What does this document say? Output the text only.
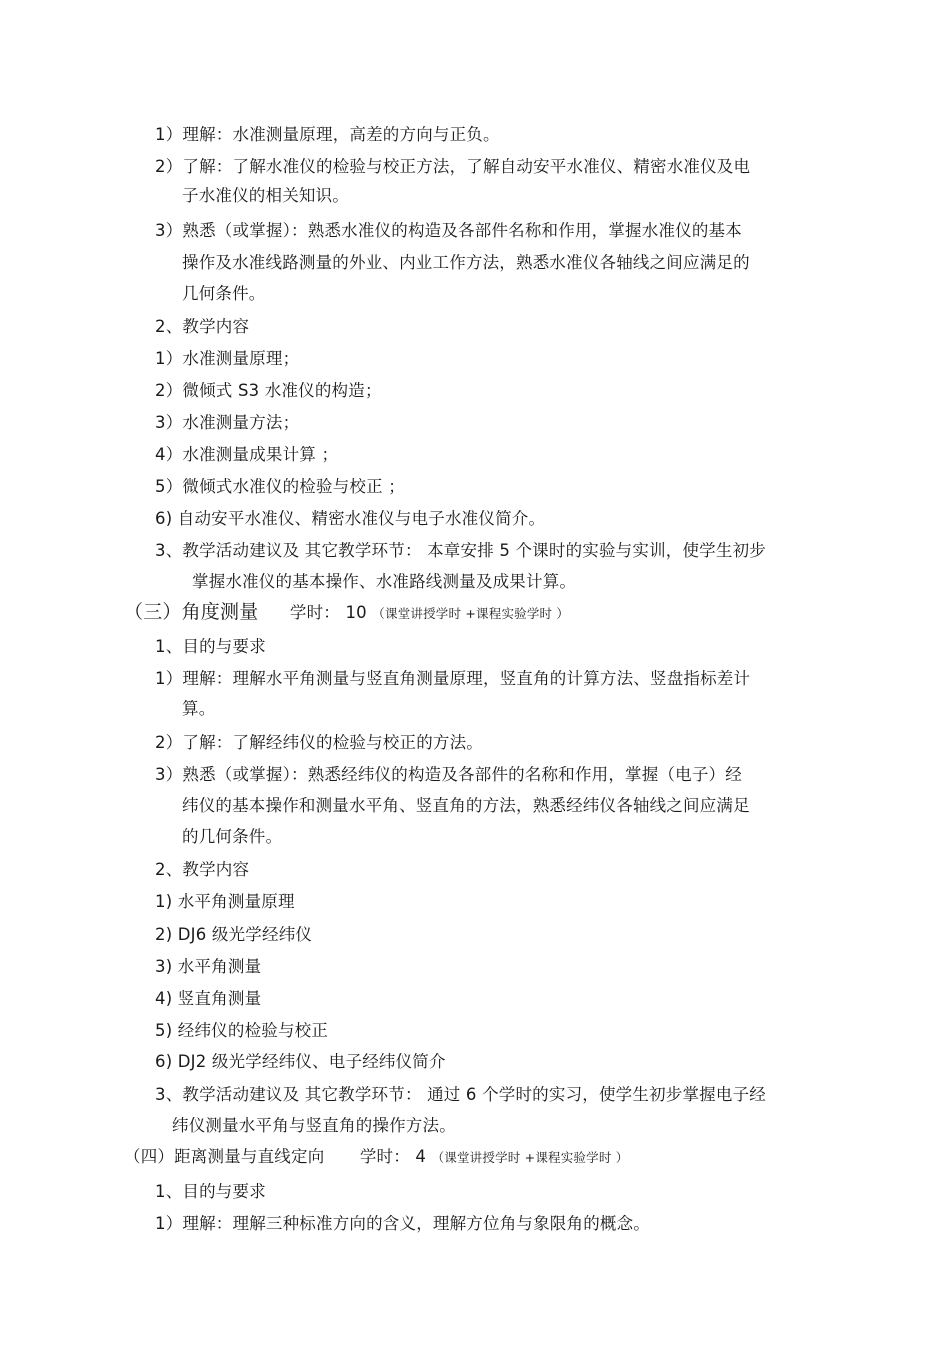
1）理解：水准测量原理，高差的方向与正负。
2）了解：了解水准仪的检验与校正方法，了解自动安平水准仪、精密水准仪及电
子水准仪的相关知识。
3）熟悉（或掌握）：熟悉水准仪的构造及各部件名称和作用，掌握水准仪的基本
操作及水准线路测量的外业、内业工作方法，熟悉水准仪各轴线之间应满足的
几何条件。
2、教学内容
1）水准测量原理；
2）微倾式 S3 水准仪的构造；
3）水准测量方法；
4）水准测量成果计算 ；
5）微倾式水准仪的检验与校正 ；
6) 自动安平水准仪、精密水准仪与电子水准仪简介。
3、教学活动建议及 其它教学环节： 本章安排 5 个课时的实验与实训，使学生初步
掌握水准仪的基本操作、水准路线测量及成果计算。
（三）角度测量 学时： 10 （课堂讲授学时 +课程实验学时 ）
1、目的与要求
1）理解：理解水平角测量与竖直角测量原理，竖直角的计算方法、竖盘指标差计
算。
2）了解：了解经纬仪的检验与校正的方法。
3）熟悉（或掌握）：熟悉经纬仪的构造及各部件的名称和作用，掌握（电子）经
纬仪的基本操作和测量水平角、竖直角的方法，熟悉经纬仪各轴线之间应满足
的几何条件。
2、教学内容
1) 水平角测量原理
2) DJ6 级光学经纬仪
3) 水平角测量
4) 竖直角测量
5) 经纬仪的检验与校正
6) DJ2 级光学经纬仪、电子经纬仪简介
3、教学活动建议及 其它教学环节： 通过 6 个学时的实习，使学生初步掌握电子经
纬仪测量水平角与竖直角的操作方法。
（四）距离测量与直线定向 学时： 4 （课堂讲授学时 +课程实验学时 ）
1、目的与要求
1）理解：理解三种标准方向的含义，理解方位角与象限角的概念。
